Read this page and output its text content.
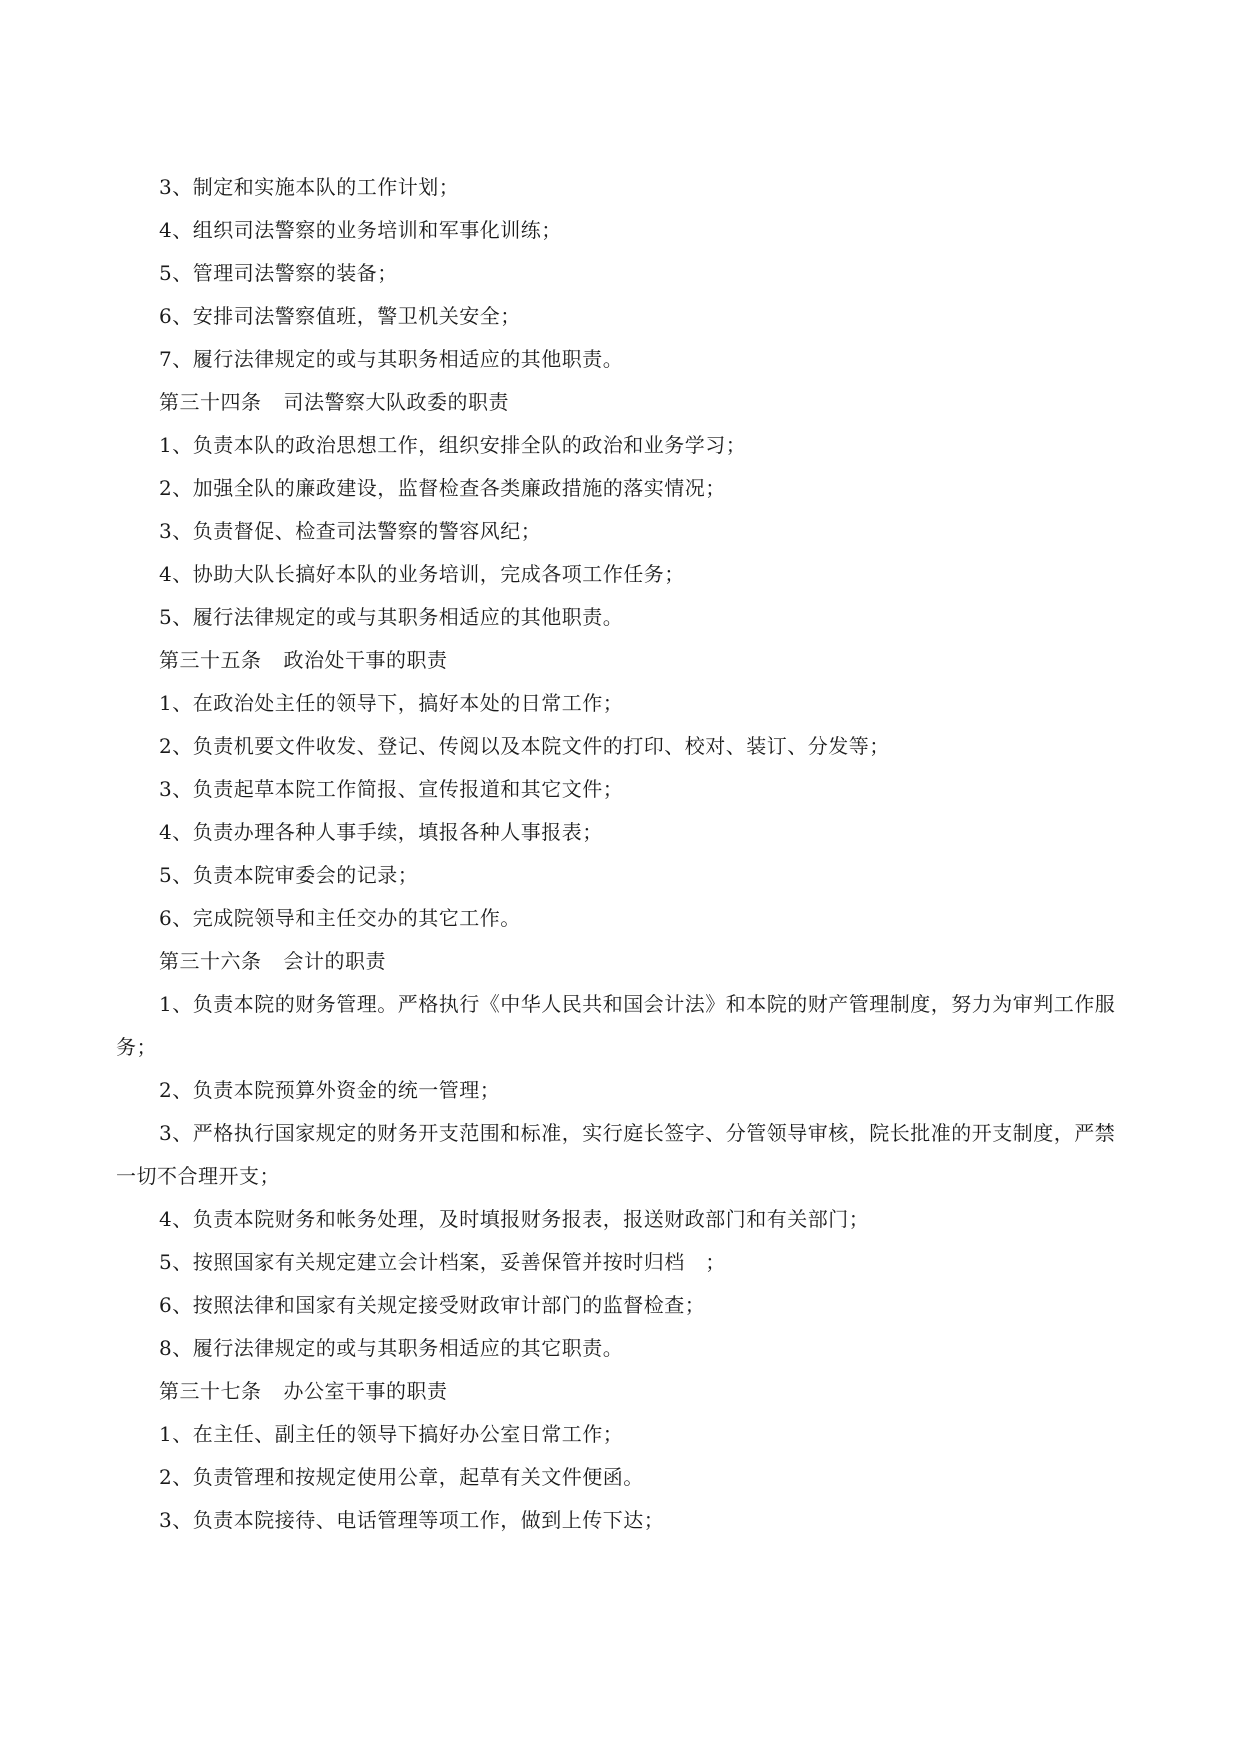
3、制定和实施本队的工作计划；

4、组织司法警察的业务培训和军事化训练；

5、管理司法警察的装备；

6、安排司法警察值班，警卫机关安全；

7、履行法律规定的或与其职务相适应的其他职责。

第三十四条 司法警察大队政委的职责

1、负责本队的政治思想工作，组织安排全队的政治和业务学习；

2、加强全队的廉政建设，监督检查各类廉政措施的落实情况；

3、负责督促、检查司法警察的警容风纪；

4、协助大队长搞好本队的业务培训，完成各项工作任务；

5、履行法律规定的或与其职务相适应的其他职责。

第三十五条 政治处干事的职责

1、在政治处主任的领导下，搞好本处的日常工作；

2、负责机要文件收发、登记、传阅以及本院文件的打印、校对、装订、分发等；

3、负责起草本院工作简报、宣传报道和其它文件；

4、负责办理各种人事手续，填报各种人事报表；

5、负责本院审委会的记录；

6、完成院领导和主任交办的其它工作。

第三十六条 会计的职责

1、负责本院的财务管理。严格执行《中华人民共和国会计法》和本院的财产管理制度，努力为审判工作服务；

2、负责本院预算外资金的统一管理；

3、严格执行国家规定的财务开支范围和标准，实行庭长签字、分管领导审核，院长批准的开支制度，严禁一切不合理开支；

4、负责本院财务和帐务处理，及时填报财务报表，报送财政部门和有关部门；

5、按照国家有关规定建立会计档案，妥善保管并按时归档　；

6、按照法律和国家有关规定接受财政审计部门的监督检查；

8、履行法律规定的或与其职务相适应的其它职责。

第三十七条 办公室干事的职责

1、在主任、副主任的领导下搞好办公室日常工作；

2、负责管理和按规定使用公章，起草有关文件便函。

3、负责本院接待、电话管理等项工作，做到上传下达；
